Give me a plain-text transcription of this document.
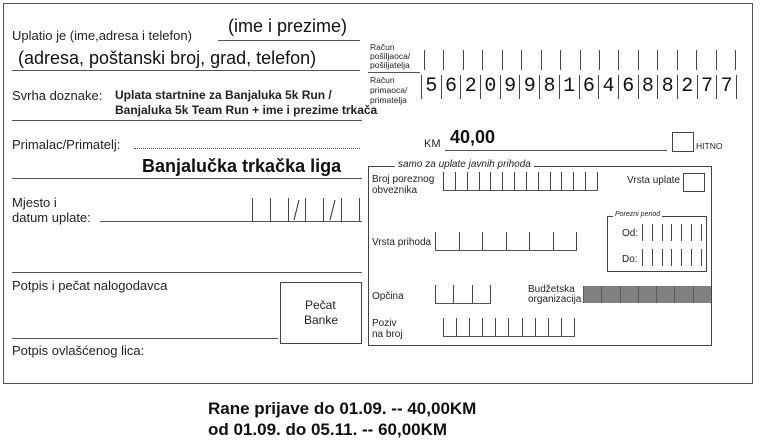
Uplatio je (ime,adresa i telefon) (ime i prezime)
(adresa, poštanski broj, grad, telefon)
Svrha doznake: Uplata startnine za Banjaluka 5k Run /
Banjaluka 5k Team Run + ime i prezime trkača
Primalac/Primatelj:
Banjalučka trkačka liga
Mjesto i
datum uplate:
Potpis i pečat nalogodavca
Pečat
Banke
Potpis ovlašćenog lica:
Račun
pošiljaoca/
pošiljatelja
Račun
primaoca/
primatelja
5 6 2 0 9 9 8 1 6 4 6 8 8 2 7 7
KM 40,00	HITNO
samo za uplate javnih prihoda
Broj poreznog
obveznika
Vrsta uplate
Vrsta prihoda
Porezni period
Od:
Do:
Opčina
Budžetska
organizacija
Poziv
na broj
Rane prijave do 01.09. -- 40,00KM
od 01.09. do 05.11. -- 60,00KM
